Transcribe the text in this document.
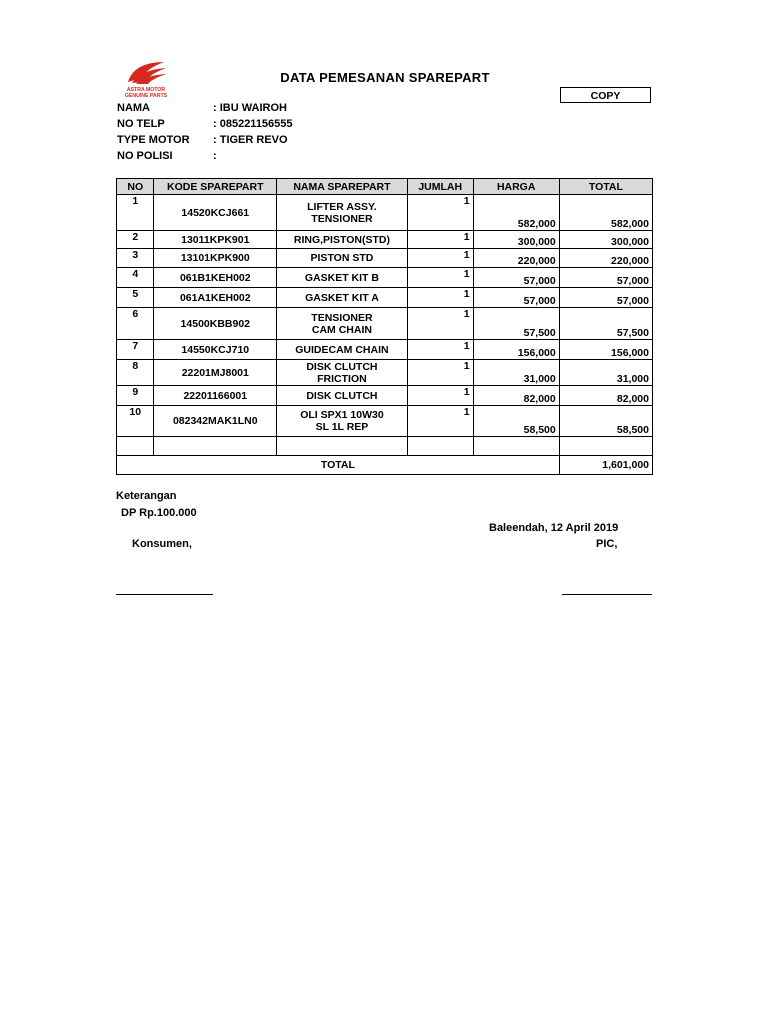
ASTRA MOTOR
GENUINE PARTS
DATA PEMESANAN SPAREPART
COPY
NAMA	: IBU WAIROH
NO TELP	: 085221156555
TYPE MOTOR	: TIGER REVO
NO POLISI	:
NO	KODE SPAREPART	NAMA SPAREPART	JUMLAH	HARGA	TOTAL
1	14520KCJ661	LIFTER ASSY.
TENSIONER	1	582,000	582,000
2	13011KPK901	RING,PISTON(STD)	1	300,000	300,000
3	13101KPK900	PISTON STD	1	220,000	220,000
4	061B1KEH002	GASKET KIT B	1	57,000	57,000
5	061A1KEH002	GASKET KIT A	1	57,000	57,000
6	14500KBB902	TENSIONER
CAM CHAIN	1	57,500	57,500
7	14550KCJ710	GUIDECAM CHAIN	1	156,000	156,000
8	22201MJ8001	DISK CLUTCH
FRICTION	1	31,000	31,000
9	22201166001	DISK CLUTCH	1	82,000	82,000
10	082342MAK1LN0	OLI SPX1 10W30
SL 1L REP	1	58,500	58,500

TOTAL					1,601,000
Keterangan
DP Rp.100.000
Baleendah, 12 April 2019
Konsumen,	PIC,
